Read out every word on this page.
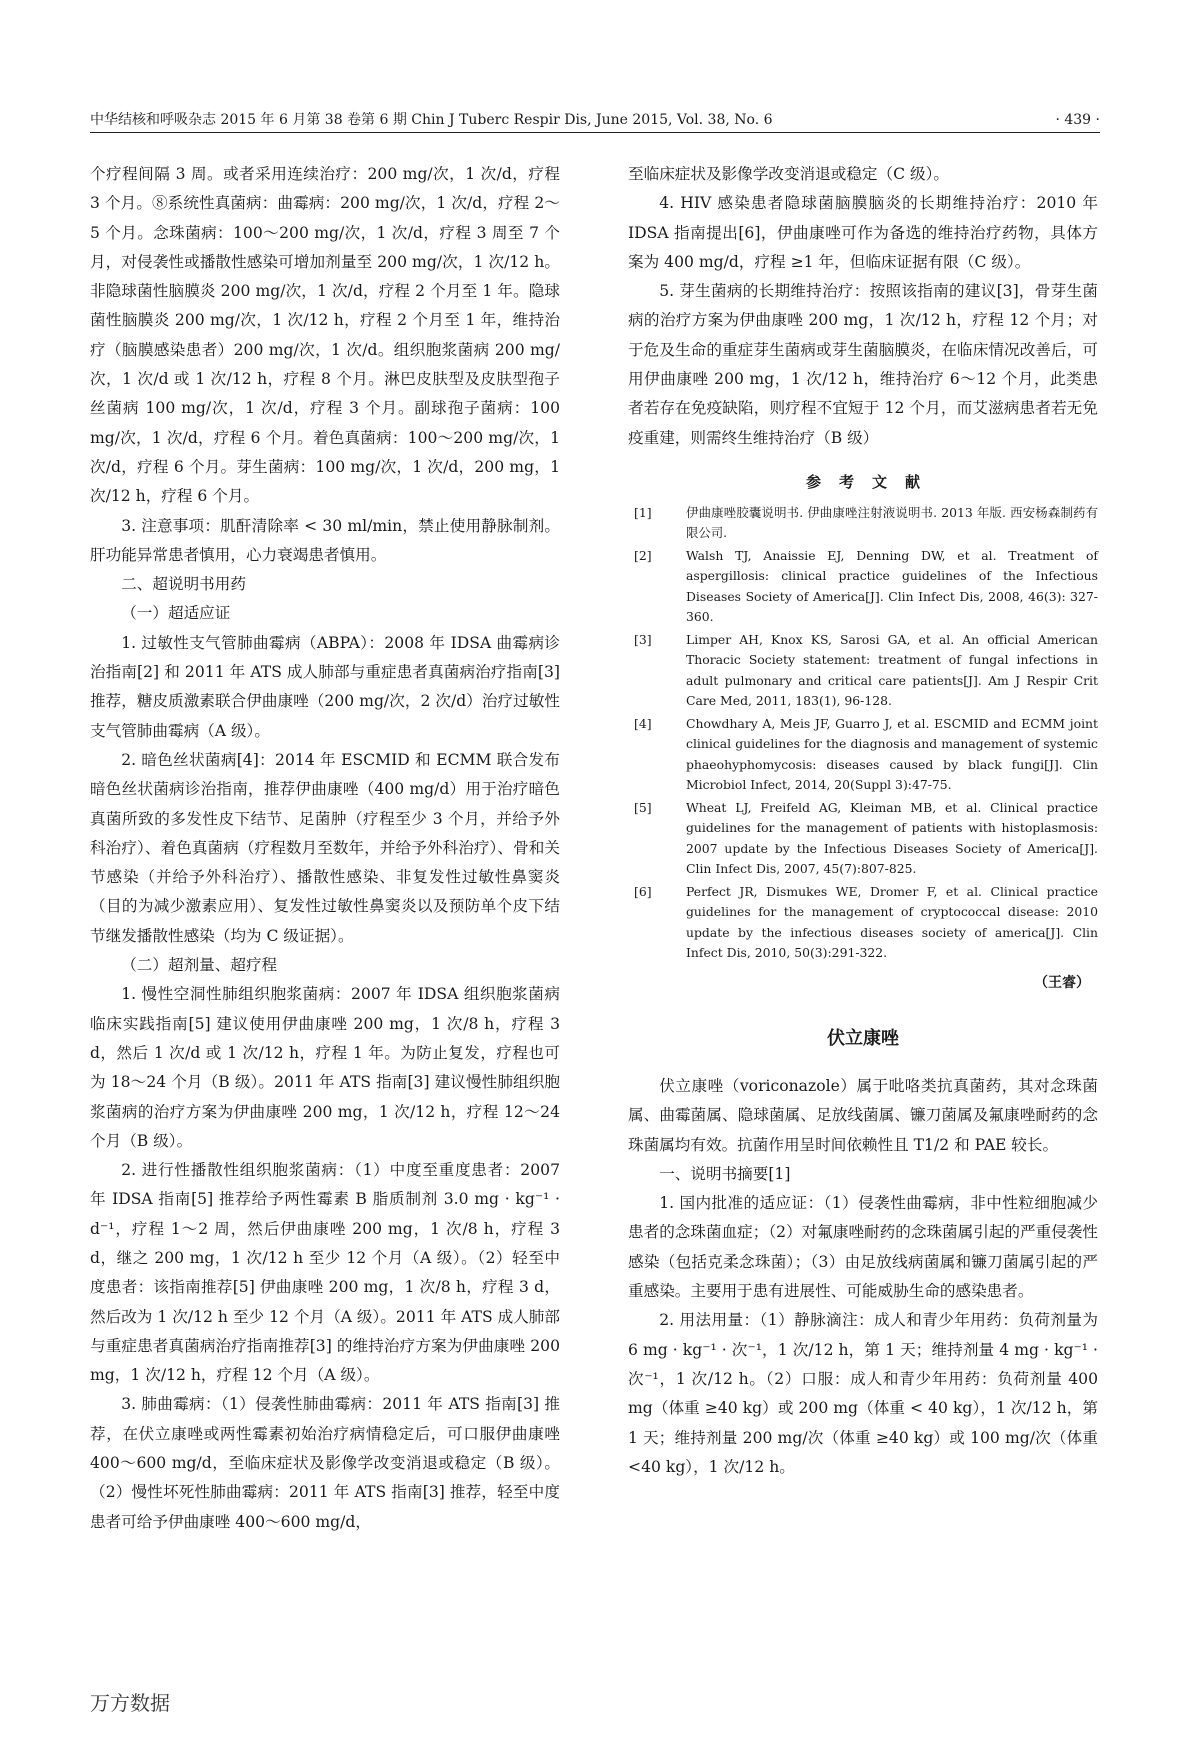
中华结核和呼吸杂志 2015 年 6 月第 38 卷第 6 期 Chin J Tuberc Respir Dis, June 2015, Vol. 38, No. 6	· 439 ·

个疗程间隔 3 周。或者采用连续治疗：200 mg/次，1 次/d，疗程 3 个月。⑧系统性真菌病：曲霉病：200 mg/次，1 次/d，疗程 2～5 个月。念珠菌病：100～200 mg/次，1 次/d，疗程 3 周至 7 个月，对侵袭性或播散性感染可增加剂量至 200 mg/次，1 次/12 h。非隐球菌性脑膜炎 200 mg/次，1 次/d，疗程 2 个月至 1 年。隐球菌性脑膜炎 200 mg/次，1 次/12 h，疗程 2 个月至 1 年，维持治疗（脑膜感染患者）200 mg/次，1 次/d。组织胞浆菌病 200 mg/次，1 次/d 或 1 次/12 h，疗程 8 个月。淋巴皮肤型及皮肤型孢子丝菌病 100 mg/次，1 次/d，疗程 3 个月。副球孢子菌病：100 mg/次，1 次/d，疗程 6 个月。着色真菌病：100～200 mg/次，1 次/d，疗程 6 个月。芽生菌病：100 mg/次，1 次/d，200 mg，1 次/12 h，疗程 6 个月。

3. 注意事项：肌酐清除率 < 30 ml/min，禁止使用静脉制剂。肝功能异常患者慎用，心力衰竭患者慎用。

二、超说明书用药

（一）超适应证

1. 过敏性支气管肺曲霉病（ABPA）：2008 年 IDSA 曲霉病诊治指南[2] 和 2011 年 ATS 成人肺部与重症患者真菌病治疗指南[3] 推荐，糖皮质激素联合伊曲康唑（200 mg/次，2 次/d）治疗过敏性支气管肺曲霉病（A 级）。

2. 暗色丝状菌病[4]：2014 年 ESCMID 和 ECMM 联合发布暗色丝状菌病诊治指南，推荐伊曲康唑（400 mg/d）用于治疗暗色真菌所致的多发性皮下结节、足菌肿（疗程至少 3 个月，并给予外科治疗）、着色真菌病（疗程数月至数年，并给予外科治疗）、骨和关节感染（并给予外科治疗）、播散性感染、非复发性过敏性鼻窦炎（目的为减少激素应用）、复发性过敏性鼻窦炎以及预防单个皮下结节继发播散性感染（均为 C 级证据）。

（二）超剂量、超疗程

1. 慢性空洞性肺组织胞浆菌病：2007 年 IDSA 组织胞浆菌病临床实践指南[5] 建议使用伊曲康唑 200 mg，1 次/8 h，疗程 3 d，然后 1 次/d 或 1 次/12 h，疗程 1 年。为防止复发，疗程也可为 18～24 个月（B 级）。2011 年 ATS 指南[3] 建议慢性肺组织胞浆菌病的治疗方案为伊曲康唑 200 mg，1 次/12 h，疗程 12～24 个月（B 级）。

2. 进行性播散性组织胞浆菌病：（1）中度至重度患者：2007 年 IDSA 指南[5] 推荐给予两性霉素 B 脂质制剂 3.0 mg · kg⁻¹ · d⁻¹，疗程 1～2 周，然后伊曲康唑 200 mg，1 次/8 h，疗程 3 d，继之 200 mg，1 次/12 h 至少 12 个月（A 级）。（2）轻至中度患者：该指南推荐[5] 伊曲康唑 200 mg，1 次/8 h，疗程 3 d，然后改为 1 次/12 h 至少 12 个月（A 级）。2011 年 ATS 成人肺部与重症患者真菌病治疗指南推荐[3] 的维持治疗方案为伊曲康唑 200 mg，1 次/12 h，疗程 12 个月（A 级）。

3. 肺曲霉病：（1）侵袭性肺曲霉病：2011 年 ATS 指南[3] 推荐，在伏立康唑或两性霉素初始治疗病情稳定后，可口服伊曲康唑 400～600 mg/d，至临床症状及影像学改变消退或稳定（B 级）。（2）慢性坏死性肺曲霉病：2011 年 ATS 指南[3] 推荐，轻至中度患者可给予伊曲康唑 400～600 mg/d，

至临床症状及影像学改变消退或稳定（C 级）。

4. HIV 感染患者隐球菌脑膜脑炎的长期维持治疗：2010 年 IDSA 指南提出[6]，伊曲康唑可作为备选的维持治疗药物，具体方案为 400 mg/d，疗程 ≥1 年，但临床证据有限（C 级）。

5. 芽生菌病的长期维持治疗：按照该指南的建议[3]，骨芽生菌病的治疗方案为伊曲康唑 200 mg，1 次/12 h，疗程 12 个月；对于危及生命的重症芽生菌病或芽生菌脑膜炎，在临床情况改善后，可用伊曲康唑 200 mg，1 次/12 h，维持治疗 6～12 个月，此类患者若存在免疫缺陷，则疗程不宜短于 12 个月，而艾滋病患者若无免疫重建，则需终生维持治疗（B 级）

参考文献
[1]	伊曲康唑胶囊说明书. 伊曲康唑注射液说明书. 2013 年版. 西安杨森制药有限公司.
[2]	Walsh TJ, Anaissie EJ, Denning DW, et al. Treatment of aspergillosis: clinical practice guidelines of the Infectious Diseases Society of America[J]. Clin Infect Dis, 2008, 46(3): 327-360.
[3]	Limper AH, Knox KS, Sarosi GA, et al. An official American Thoracic Society statement: treatment of fungal infections in adult pulmonary and critical care patients[J]. Am J Respir Crit Care Med, 2011, 183(1), 96-128.
[4]	Chowdhary A, Meis JF, Guarro J, et al. ESCMID and ECMM joint clinical guidelines for the diagnosis and management of systemic phaeohyphomycosis: diseases caused by black fungi[J]. Clin Microbiol Infect, 2014, 20(Suppl 3):47-75.
[5]	Wheat LJ, Freifeld AG, Kleiman MB, et al. Clinical practice guidelines for the management of patients with histoplasmosis: 2007 update by the Infectious Diseases Society of America[J]. Clin Infect Dis, 2007, 45(7):807-825.
[6]	Perfect JR, Dismukes WE, Dromer F, et al. Clinical practice guidelines for the management of cryptococcal disease: 2010 update by the infectious diseases society of america[J]. Clin Infect Dis, 2010, 50(3):291-322.
（王睿）
伏立康唑

伏立康唑（voriconazole）属于吡咯类抗真菌药，其对念珠菌属、曲霉菌属、隐球菌属、足放线菌属、镰刀菌属及氟康唑耐药的念珠菌属均有效。抗菌作用呈时间依赖性且 T1/2 和 PAE 较长。

一、说明书摘要[1]

1. 国内批准的适应证：（1）侵袭性曲霉病，非中性粒细胞减少患者的念珠菌血症；（2）对氟康唑耐药的念珠菌属引起的严重侵袭性感染（包括克柔念珠菌）；（3）由足放线病菌属和镰刀菌属引起的严重感染。主要用于患有进展性、可能威胁生命的感染患者。

2. 用法用量：（1）静脉滴注：成人和青少年用药：负荷剂量为 6 mg · kg⁻¹ · 次⁻¹，1 次/12 h，第 1 天；维持剂量 4 mg · kg⁻¹ · 次⁻¹，1 次/12 h。（2）口服：成人和青少年用药：负荷剂量 400 mg（体重 ≥40 kg）或 200 mg（体重 < 40 kg），1 次/12 h，第 1 天；维持剂量 200 mg/次（体重 ≥40 kg）或 100 mg/次（体重 <40 kg），1 次/12 h。

万方数据
